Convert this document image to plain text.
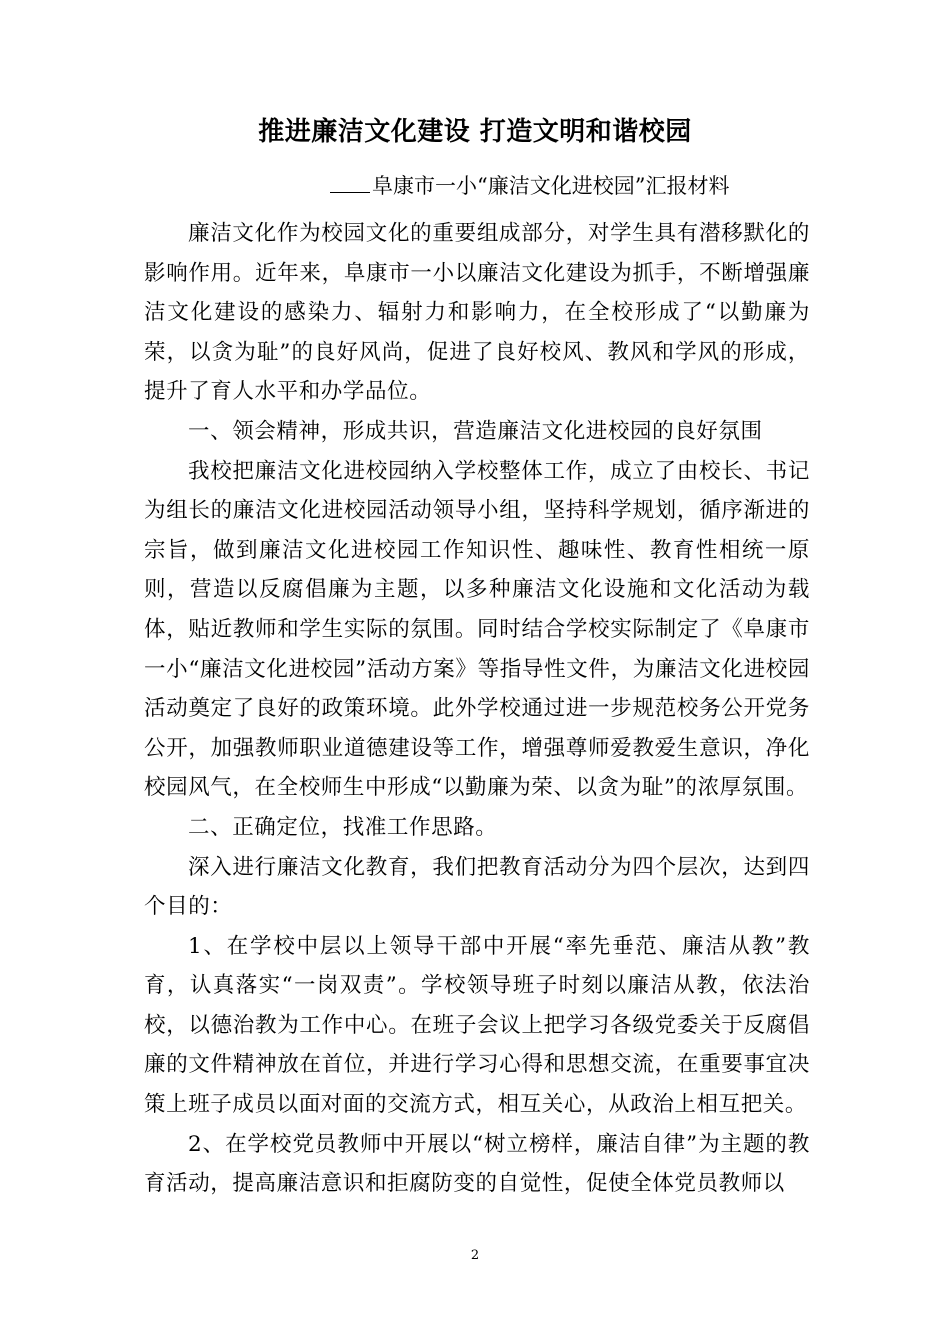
推进廉洁文化建设 打造文明和谐校园
阜康市一小“廉洁文化进校园”汇报材料

廉洁文化作为校园文化的重要组成部分，对学生具有潜移默化的影响作用。近年来，阜康市一小以廉洁文化建设为抓手，不断增强廉洁文化建设的感染力、辐射力和影响力，在全校形成了“以勤廉为荣，以贪为耻”的良好风尚，促进了良好校风、教风和学风的形成，提升了育人水平和办学品位。

一、领会精神，形成共识，营造廉洁文化进校园的良好氛围

我校把廉洁文化进校园纳入学校整体工作，成立了由校长、书记为组长的廉洁文化进校园活动领导小组，坚持科学规划，循序渐进的宗旨，做到廉洁文化进校园工作知识性、趣味性、教育性相统一原则，营造以反腐倡廉为主题，以多种廉洁文化设施和文化活动为载体，贴近教师和学生实际的氛围。同时结合学校实际制定了《阜康市一小“廉洁文化进校园”活动方案》等指导性文件，为廉洁文化进校园活动奠定了良好的政策环境。此外学校通过进一步规范校务公开党务公开，加强教师职业道德建设等工作，增强尊师爱教爱生意识，净化校园风气，在全校师生中形成“以勤廉为荣、以贪为耻”的浓厚氛围。

二、正确定位，找准工作思路。

深入进行廉洁文化教育，我们把教育活动分为四个层次，达到四个目的：

1、在学校中层以上领导干部中开展“率先垂范、廉洁从教”教育，认真落实“一岗双责”。学校领导班子时刻以廉洁从教，依法治校，以德治教为工作中心。在班子会议上把学习各级党委关于反腐倡廉的文件精神放在首位，并进行学习心得和思想交流，在重要事宜决策上班子成员以面对面的交流方式，相互关心，从政治上相互把关。

2、在学校党员教师中开展以“树立榜样，廉洁自律”为主题的教育活动，提高廉洁意识和拒腐防变的自觉性，促使全体党员教师以

2
